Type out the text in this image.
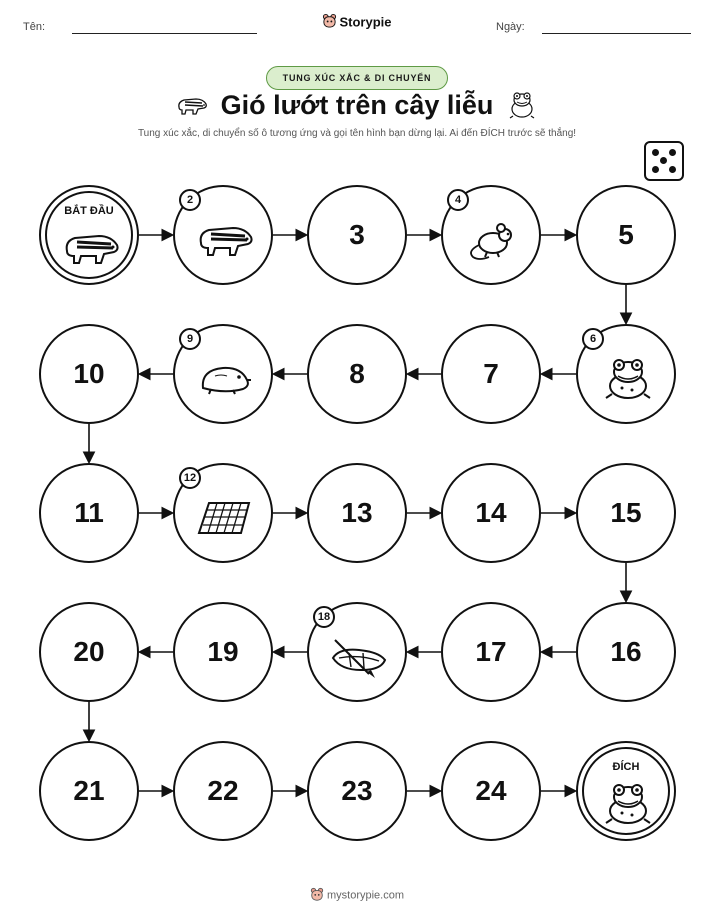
Tên:	Storypie	Ngày:
TUNG XÚC XẮC & DI CHUYỂN
Gió lướt trên cây liễu
Tung xúc xắc, di chuyển số ô tương ứng và gọi tên hình bạn dừng lại. Ai đến ĐÍCH trước sẽ thắng!
BẮT ĐẦU
2
3
4
5
6
7
8
9
10
11
12
13	14	15
16
17
18
19
20
21	22	23	24
ĐÍCH
mystorypie.com
